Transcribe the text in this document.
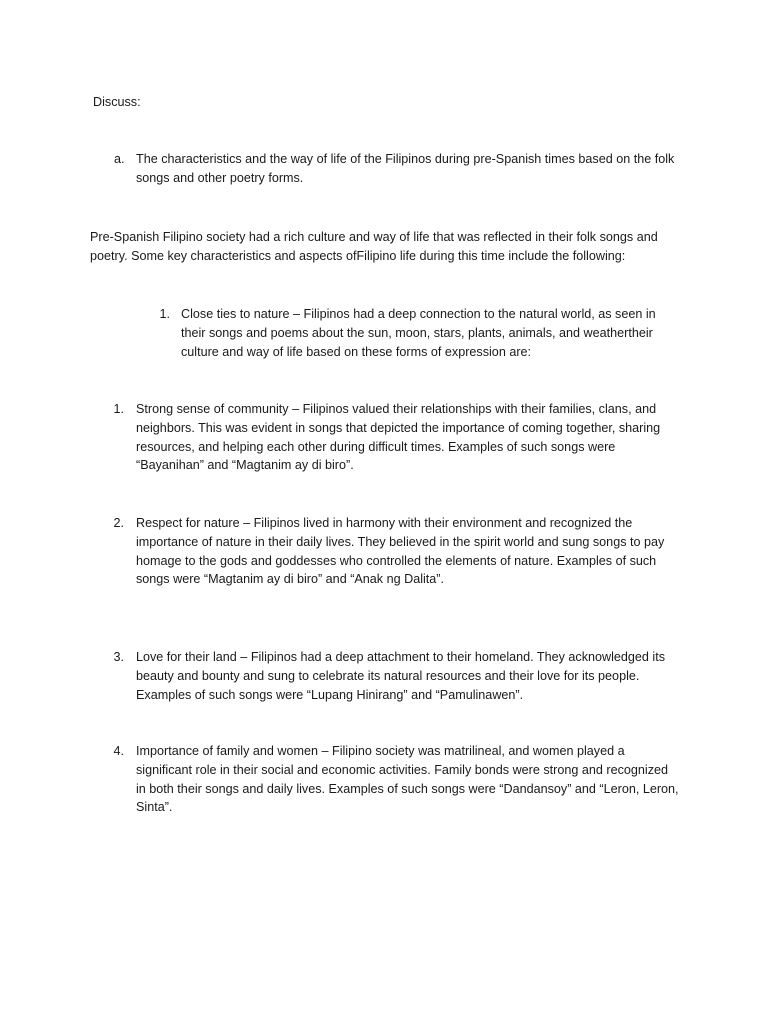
Discuss:

a. The characteristics and the way of life of the Filipinos during pre-Spanish times based on the folk songs and other poetry forms.

Pre-Spanish Filipino society had a rich culture and way of life that was reflected in their folk songs and poetry. Some key characteristics and aspects ofFilipino life during this time include the following:

1. Close ties to nature – Filipinos had a deep connection to the natural world, as seen in their songs and poems about the sun, moon, stars, plants, animals, and weathertheir culture and way of life based on these forms of expression are:

1. Strong sense of community – Filipinos valued their relationships with their families, clans, and neighbors. This was evident in songs that depicted the importance of coming together, sharing resources, and helping each other during difficult times. Examples of such songs were “Bayanihan” and “Magtanim ay di biro”.

2. Respect for nature – Filipinos lived in harmony with their environment and recognized the importance of nature in their daily lives. They believed in the spirit world and sung songs to pay homage to the gods and goddesses who controlled the elements of nature. Examples of such songs were “Magtanim ay di biro” and “Anak ng Dalita”.

3. Love for their land – Filipinos had a deep attachment to their homeland. They acknowledged its beauty and bounty and sung to celebrate its natural resources and their love for its people. Examples of such songs were “Lupang Hinirang” and “Pamulinawen”.

4. Importance of family and women – Filipino society was matrilineal, and women played a significant role in their social and economic activities. Family bonds were strong and recognized in both their songs and daily lives. Examples of such songs were “Dandansoy” and “Leron, Leron, Sinta”.
